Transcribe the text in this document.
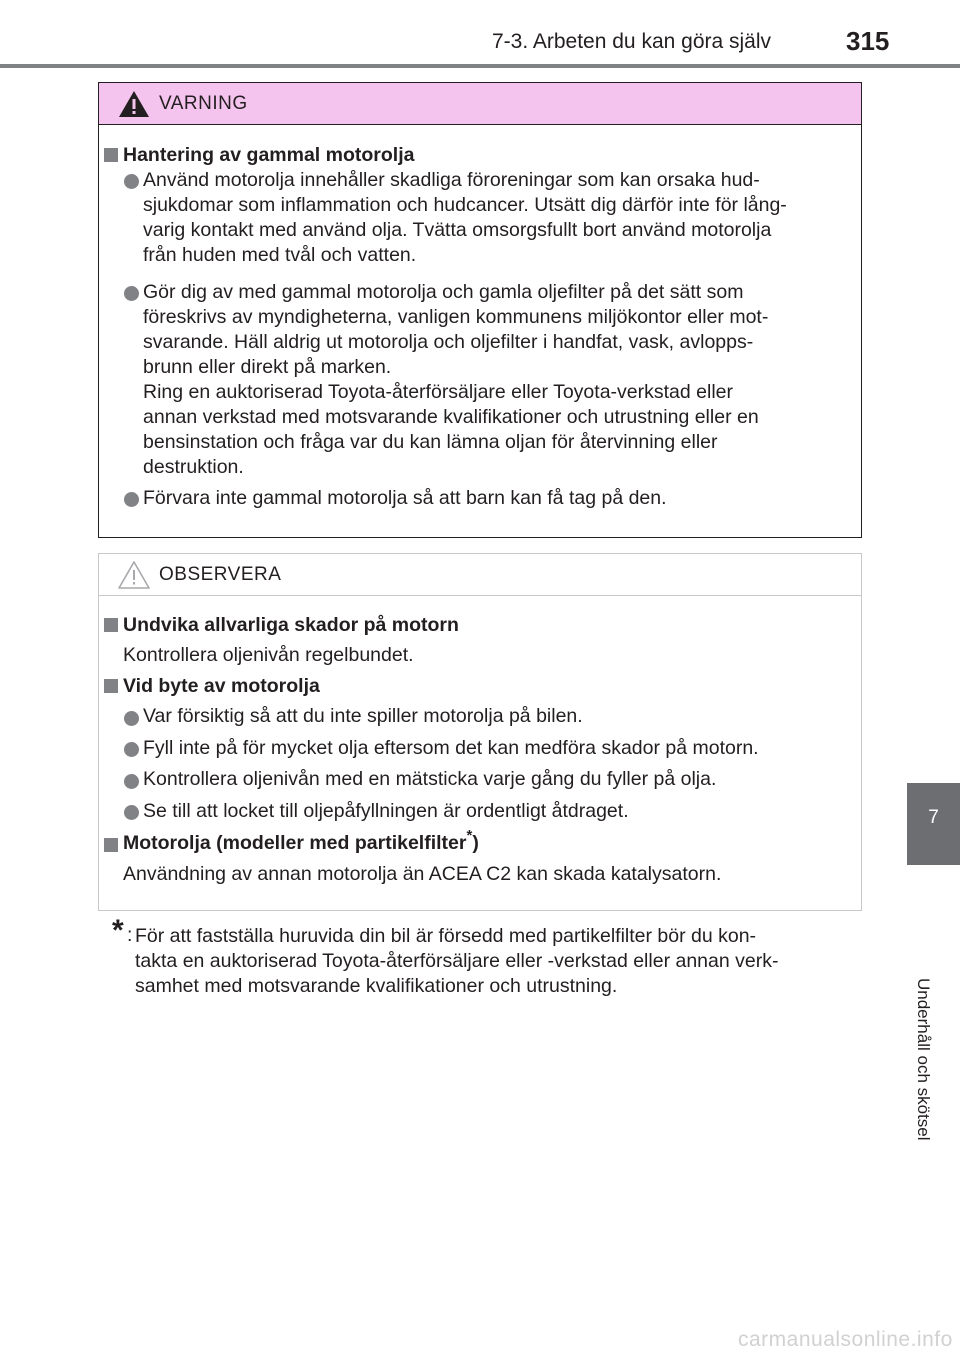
7-3. Arbeten du kan göra själv	315
7
Underhåll och skötsel
VARNING
Hantering av gammal motorolja
Använd motorolja innehåller skadliga föroreningar som kan orsaka hud-
sjukdomar som inflammation och hudcancer. Utsätt dig därför inte för lång-
varig kontakt med använd olja. Tvätta omsorgsfullt bort använd motorolja
från huden med tvål och vatten.
Gör dig av med gammal motorolja och gamla oljefilter på det sätt som
föreskrivs av myndigheterna, vanligen kommunens miljökontor eller mot-
svarande. Häll aldrig ut motorolja och oljefilter i handfat, vask, avlopps-
brunn eller direkt på marken.
Ring en auktoriserad Toyota-återförsäljare eller Toyota-verkstad eller
annan verkstad med motsvarande kvalifikationer och utrustning eller en
bensinstation och fråga var du kan lämna oljan för återvinning eller
destruktion.
Förvara inte gammal motorolja så att barn kan få tag på den.
OBSERVERA
Undvika allvarliga skador på motorn
Kontrollera oljenivån regelbundet.
Vid byte av motorolja
Var försiktig så att du inte spiller motorolja på bilen.
Fyll inte på för mycket olja eftersom det kan medföra skador på motorn.
Kontrollera oljenivån med en mätsticka varje gång du fyller på olja.
Se till att locket till oljepåfyllningen är ordentligt åtdraget.
Motorolja (modeller med partikelfilter*)
Användning av annan motorolja än ACEA C2 kan skada katalysatorn.
* : För att fastställa huruvida din bil är försedd med partikelfilter bör du kon-
takta en auktoriserad Toyota-återförsäljare eller -verkstad eller annan verk-
samhet med motsvarande kvalifikationer och utrustning.
carmanualsonline.info
